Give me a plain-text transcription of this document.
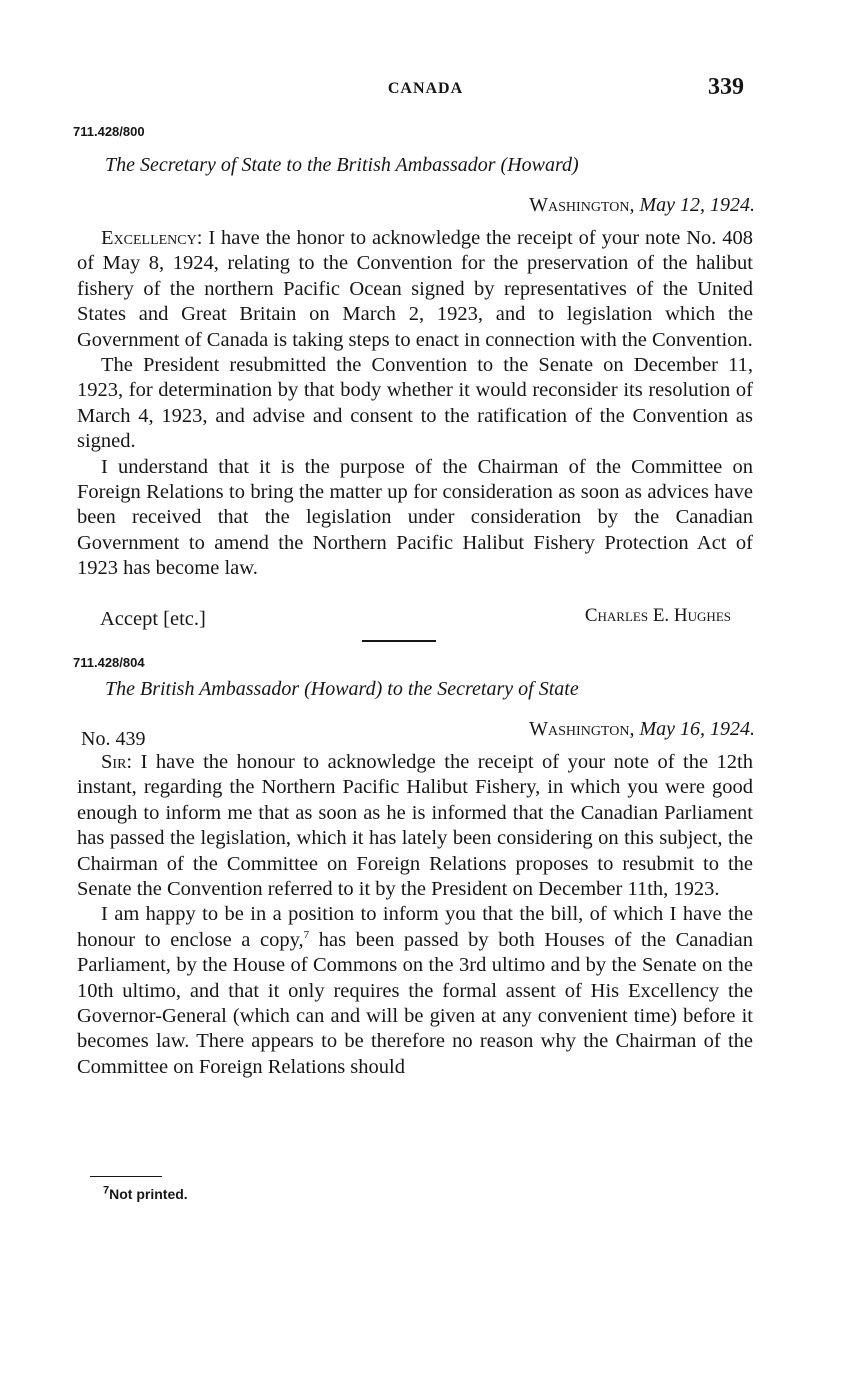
CANADA	339
711.428/800
The Secretary of State to the British Ambassador (Howard)
Washington, May 12, 1924.

Excellency: I have the honor to acknowledge the receipt of your note No. 408 of May 8, 1924, relating to the Convention for the preservation of the halibut fishery of the northern Pacific Ocean signed by representatives of the United States and Great Britain on March 2, 1923, and to legislation which the Government of Canada is taking steps to enact in connection with the Convention.

The President resubmitted the Convention to the Senate on December 11, 1923, for determination by that body whether it would reconsider its resolution of March 4, 1923, and advise and consent to the ratification of the Convention as signed.

I understand that it is the purpose of the Chairman of the Committee on Foreign Relations to bring the matter up for consideration as soon as advices have been received that the legislation under consideration by the Canadian Government to amend the Northern Pacific Halibut Fishery Protection Act of 1923 has become law.

Accept [etc.]	Charles E. Hughes
711.428/804
The British Ambassador (Howard) to the Secretary of State
No. 439	Washington, May 16, 1924.

Sir: I have the honour to acknowledge the receipt of your note of the 12th instant, regarding the Northern Pacific Halibut Fishery, in which you were good enough to inform me that as soon as he is informed that the Canadian Parliament has passed the legislation, which it has lately been considering on this subject, the Chairman of the Committee on Foreign Relations proposes to resubmit to the Senate the Convention referred to it by the President on December 11th, 1923.

I am happy to be in a position to inform you that the bill, of which I have the honour to enclose a copy,$^7$ has been passed by both Houses of the Canadian Parliament, by the House of Commons on the 3rd ultimo and by the Senate on the 10th ultimo, and that it only requires the formal assent of His Excellency the Governor-General (which can and will be given at any convenient time) before it becomes law. There appears to be therefore no reason why the Chairman of the Committee on Foreign Relations should

$^7$Not printed.
